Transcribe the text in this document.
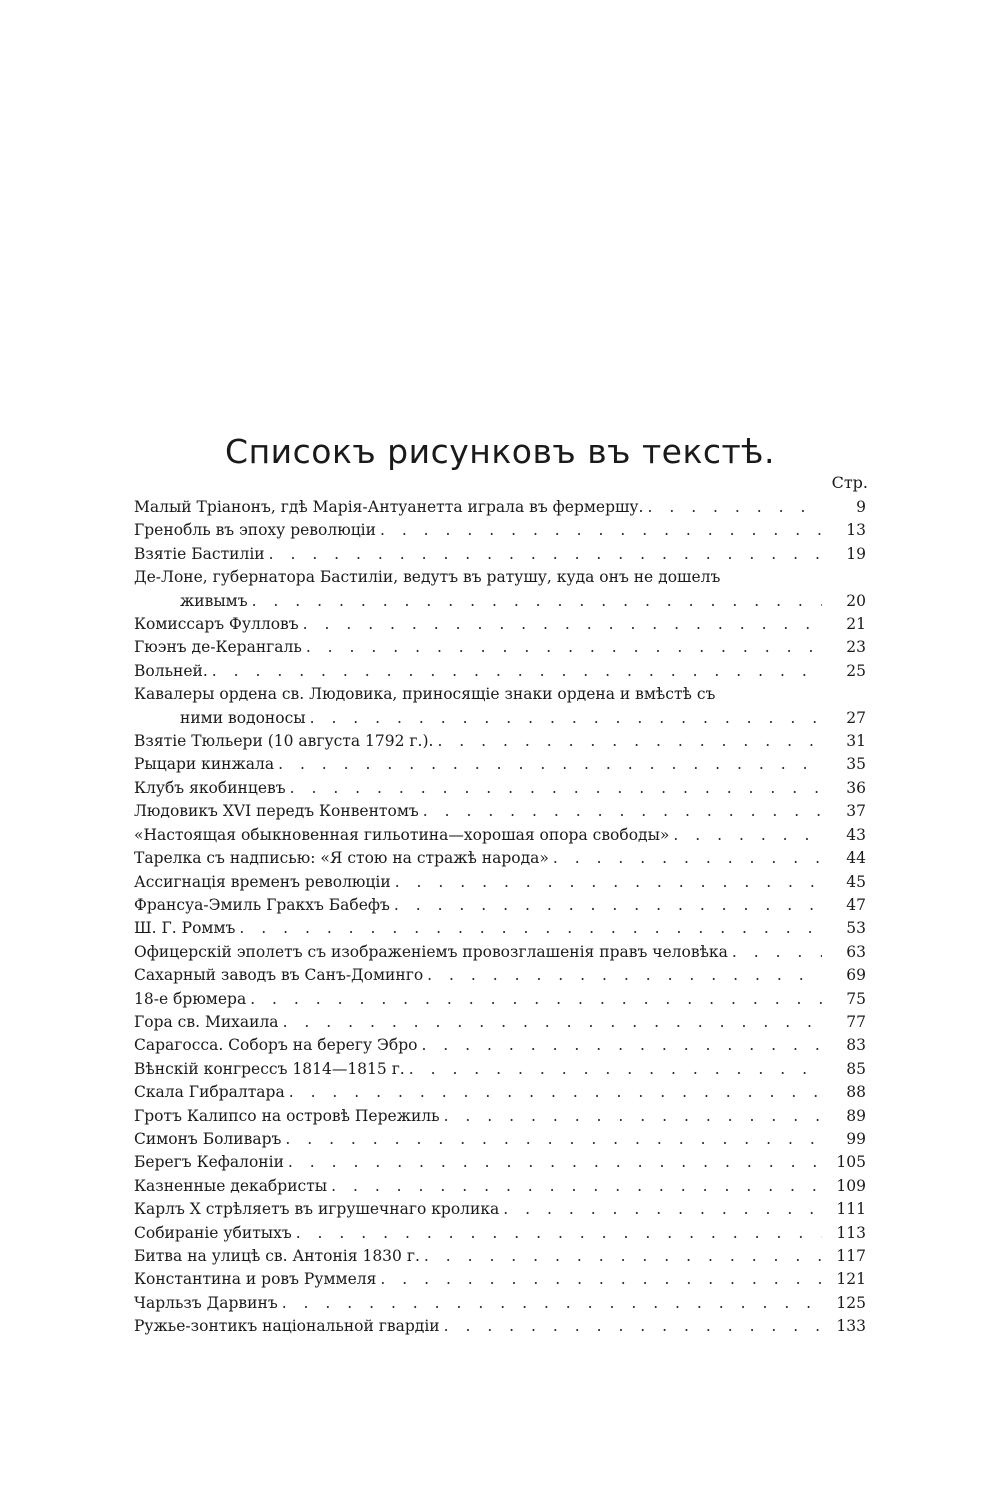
Списокъ рисунковъ въ текстѣ.
Стр.
Малый Тріанонъ, гдѣ Марія-Антуанетта играла въ фермершу. . . .	9
Гренобль въ эпоху революціи . . .	13
Взятіе Бастиліи . . .	19
Де-Лоне, губернатора Бастиліи, ведутъ въ ратушу, куда онъ не дошелъ
живымъ . . .	20
Комиссаръ Фулловъ . . .	21
Гюэнъ де-Керангаль . . .	23
Вольней. . . .	25
Кавалеры ордена св. Людовика, приносящіе знаки ордена и вмѣстѣ съ
ними водоносы . . .	27
Взятіе Тюльери (10 августа 1792 г.). . . .	31
Рыцари кинжала . . .	35
Клубъ якобинцевъ . . .	36
Людовикъ XVI передъ Конвентомъ . . .	37
«Настоящая обыкновенная гильотина—хорошая опора свободы» . . .	43
Тарелка съ надписью: «Я стою на стражѣ народа» . . .	44
Ассигнація временъ революціи . . .	45
Франсуа-Эмиль Гракхъ Бабефъ . . .	47
Ш. Г. Роммъ . . .	53
Офицерскій эполетъ съ изображеніемъ провозглашенія правъ человѣка . . .	63
Сахарный заводъ въ Санъ-Доминго . . .	69
18-е брюмера . . .	75
Гора св. Михаила . . .	77
Сарагосса. Соборъ на берегу Эбро . . .	83
Вѣнскій конгрессъ 1814—1815 г. . . .	85
Скала Гибралтара . . .	88
Гротъ Калипсо на островѣ Пережиль . . .	89
Симонъ Боливаръ . . .	99
Берегъ Кефалоніи . . .	105
Казненные декабристы . . .	109
Карлъ X стрѣляетъ въ игрушечнаго кролика . . .	111
Собираніе убитыхъ . . .	113
Битва на улицѣ св. Антонія 1830 г. . . .	117
Константина и ровъ Руммеля . . .	121
Чарльзъ Дарвинъ . . .	125
Ружье-зонтикъ національной гвардіи . . .	133
